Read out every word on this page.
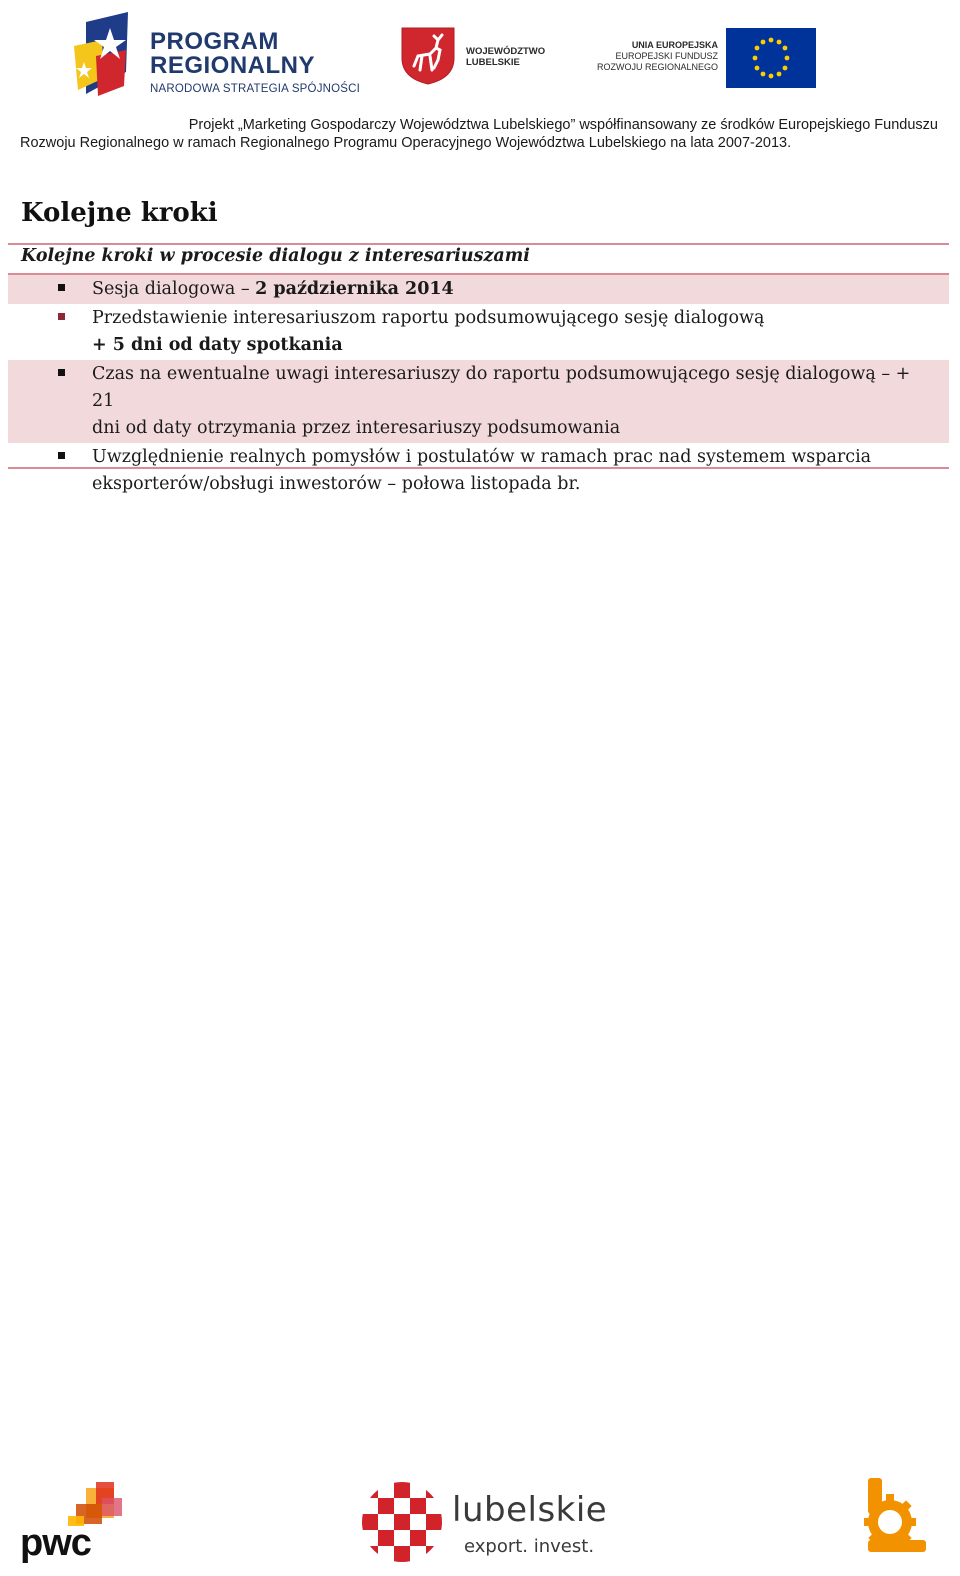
PROGRAM
REGIONALNY
NARODOWA STRATEGIA SPÓJNOŚCI
WOJEWÓDZTWO
LUBELSKIE
UNIA EUROPEJSKA
EUROPEJSKI FUNDUSZ
ROZWOJU REGIONALNEGO
Projekt „Marketing Gospodarczy Województwa Lubelskiego” współfinansowany ze środków Europejskiego Funduszu
Rozwoju Regionalnego w ramach Regionalnego Programu Operacyjnego Województwa Lubelskiego na lata 2007-2013.
Kolejne kroki
Kolejne kroki w procesie dialogu z interesariuszami
Sesja dialogowa – 2 października 2014
Przedstawienie interesariuszom raportu podsumowującego sesję dialogową
+ 5 dni od daty spotkania
Czas na ewentualne uwagi interesariuszy do raportu podsumowującego sesję dialogową – + 21
dni od daty otrzymania przez interesariuszy podsumowania
Uwzględnienie realnych pomysłów i postulatów w ramach prac nad systemem wsparcia
eksporterów/obsługi inwestorów – połowa listopada br.
pwc
lubelskie
export. invest.
